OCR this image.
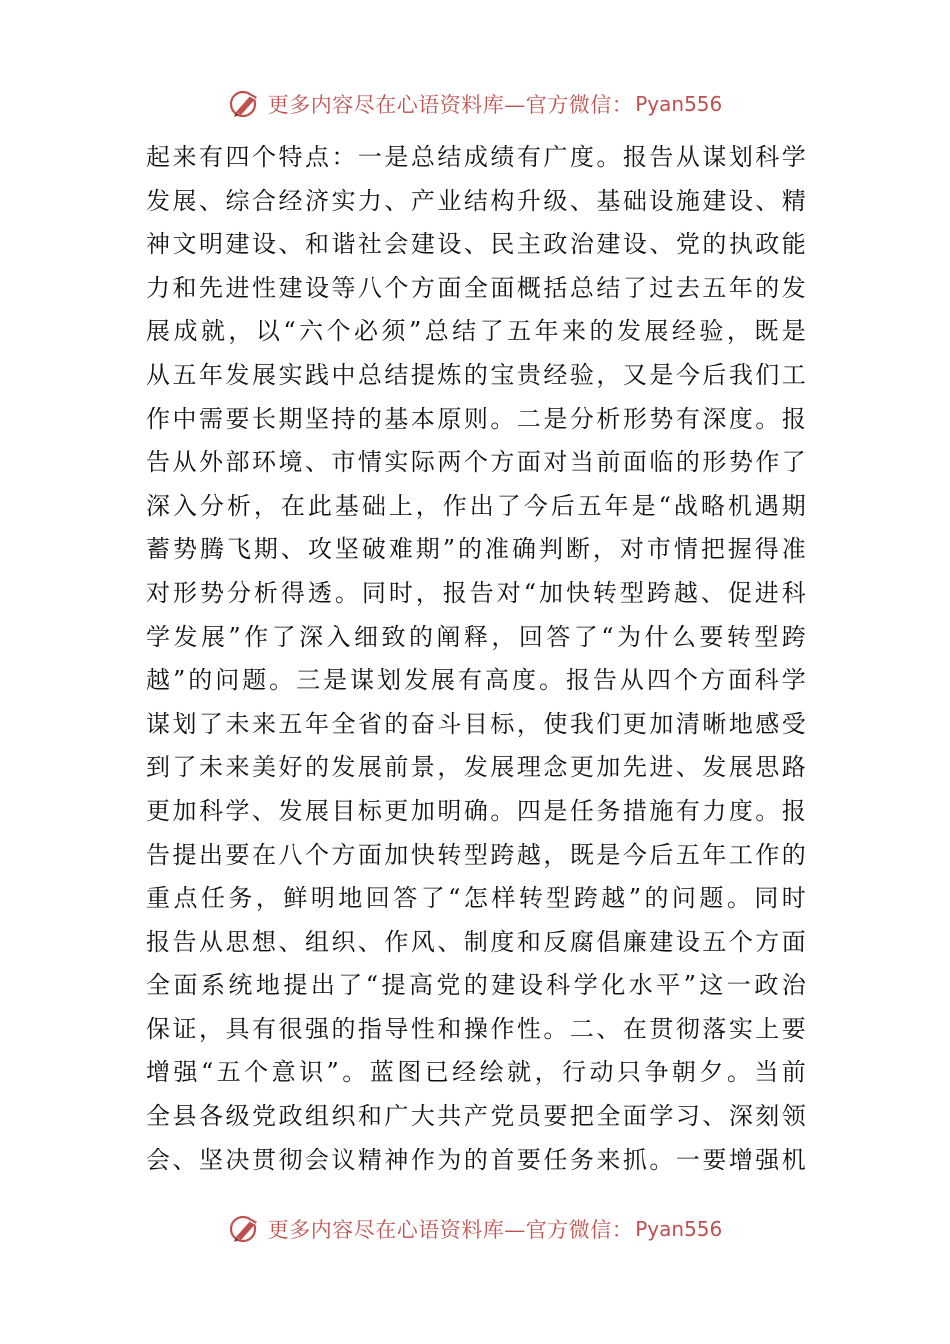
更多内容尽在心语资料库—官方微信： Pyan556
起来有四个特点：一是总结成绩有广度。报告从谋划科学
发展、综合经济实力、产业结构升级、基础设施建设、精
神文明建设、和谐社会建设、民主政治建设、党的执政能
力和先进性建设等八个方面全面概括总结了过去五年的发
展成就，以“六个必须”总结了五年来的发展经验，既是
从五年发展实践中总结提炼的宝贵经验，又是今后我们工
作中需要长期坚持的基本原则。二是分析形势有深度。报
告从外部环境、市情实际两个方面对当前面临的形势作了
深入分析，在此基础上，作出了今后五年是“战略机遇期
蓄势腾飞期、攻坚破难期”的准确判断，对市情把握得准
对形势分析得透。同时，报告对“加快转型跨越、促进科
学发展”作了深入细致的阐释，回答了“为什么要转型跨
越”的问题。三是谋划发展有高度。报告从四个方面科学
谋划了未来五年全省的奋斗目标，使我们更加清晰地感受
到了未来美好的发展前景，发展理念更加先进、发展思路
更加科学、发展目标更加明确。四是任务措施有力度。报
告提出要在八个方面加快转型跨越，既是今后五年工作的
重点任务，鲜明地回答了“怎样转型跨越”的问题。同时
报告从思想、组织、作风、制度和反腐倡廉建设五个方面
全面系统地提出了“提高党的建设科学化水平”这一政治
保证，具有很强的指导性和操作性。二、在贯彻落实上要
增强“五个意识”。蓝图已经绘就，行动只争朝夕。当前
全县各级党政组织和广大共产党员要把全面学习、深刻领
会、坚决贯彻会议精神作为的首要任务来抓。一要增强机
更多内容尽在心语资料库—官方微信： Pyan556
